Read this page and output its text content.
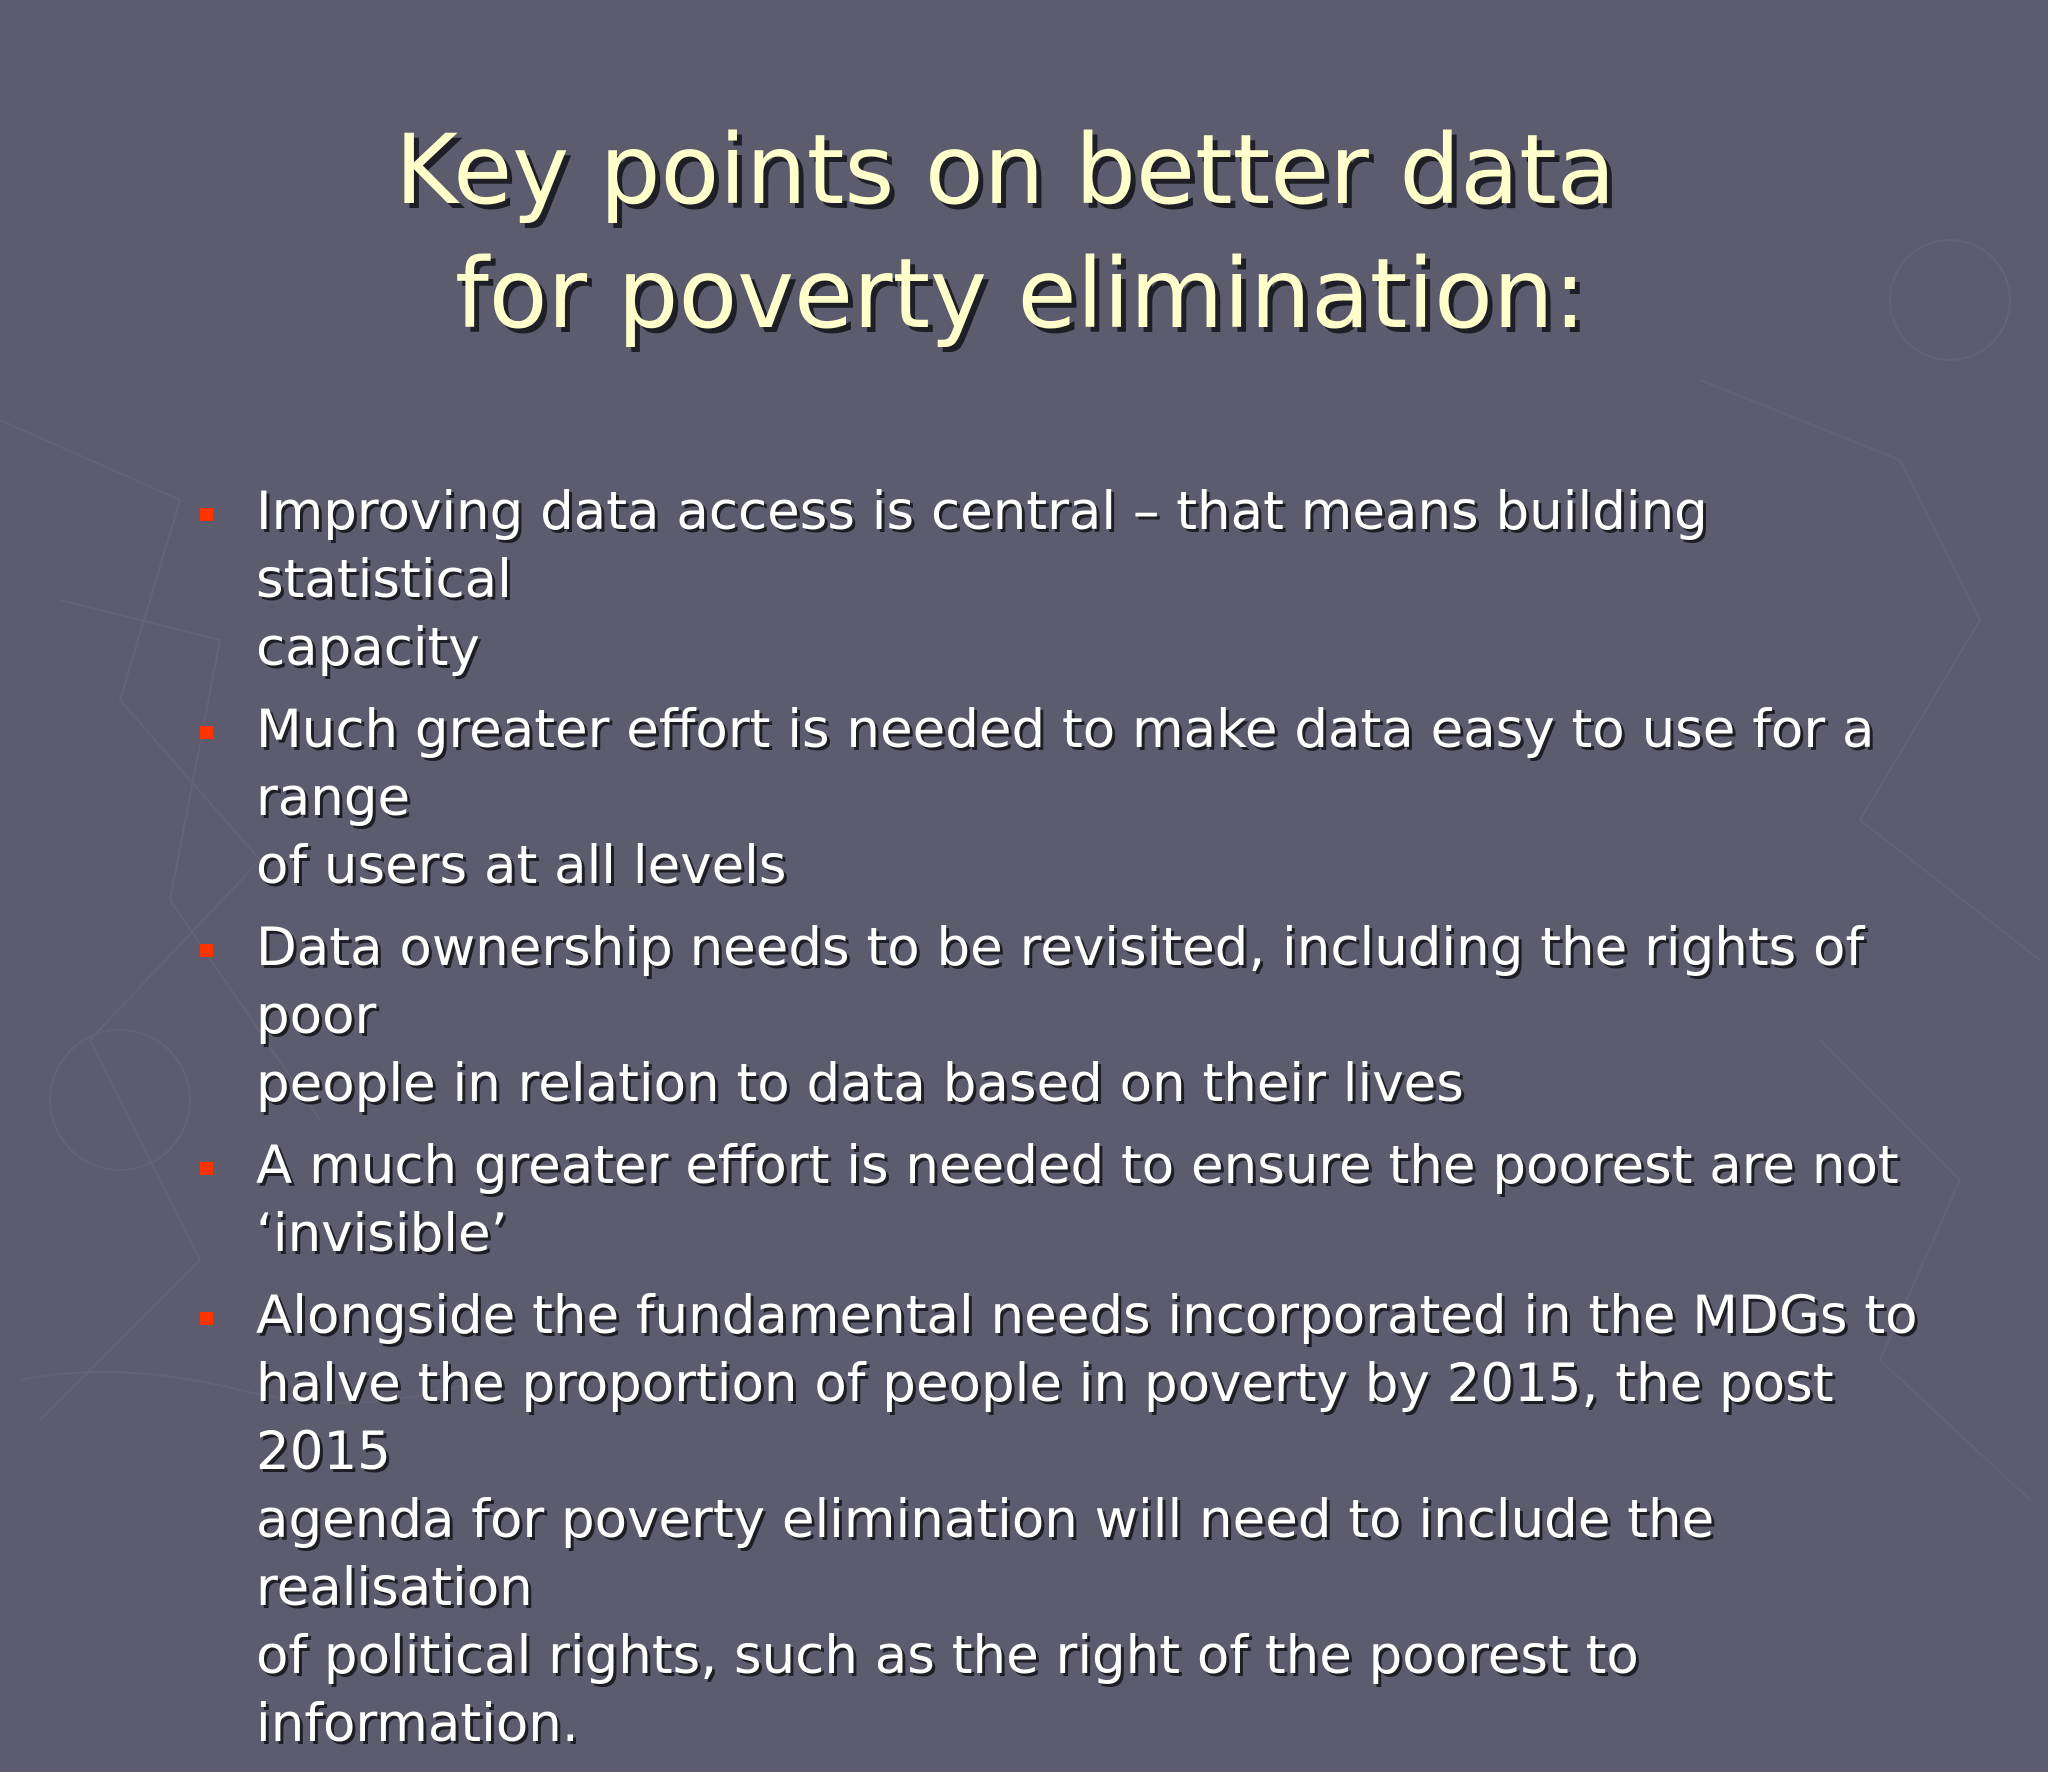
Key points on better data
for poverty elimination:
Improving data access is central – that means building statistical
capacity
Much greater effort is needed to make data easy to use for a range
of users at all levels
Data ownership needs to be revisited, including the rights of poor
people in relation to data based on their lives
A much greater effort is needed to ensure the poorest are not
‘invisible’
Alongside the fundamental needs incorporated in the MDGs to
halve the proportion of people in poverty by 2015, the post 2015
agenda for poverty elimination will need to include the realisation
of political rights, such as the right of the poorest to information.
